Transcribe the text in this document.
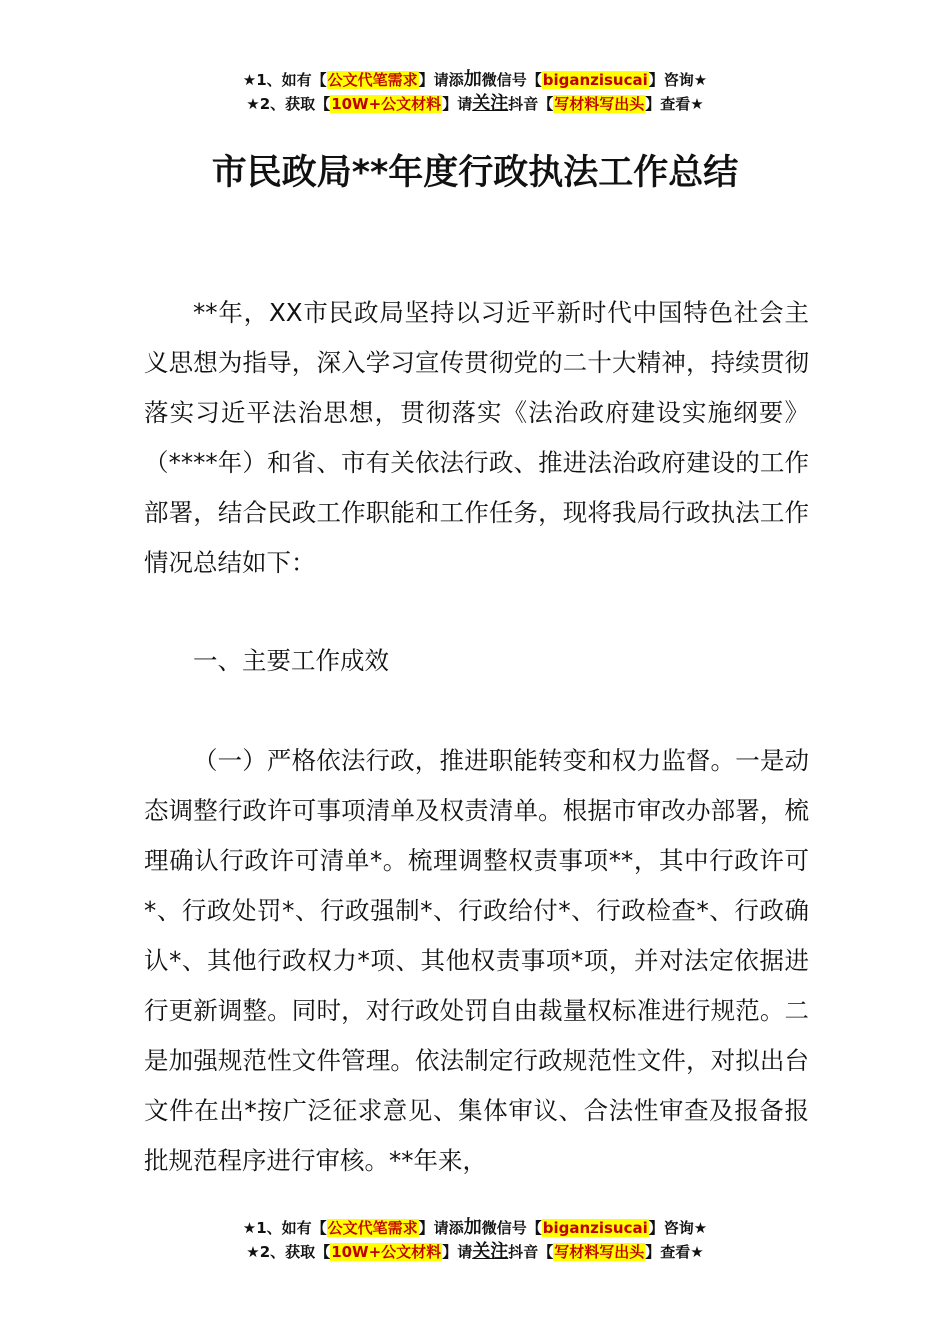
★1、如有【公文代笔需求】请添加微信号【biganzisucai】咨询★
★2、获取【10W+公文材料】请关注抖音【写材料写出头】查看★
市民政局**年度行政执法工作总结
**年，XX市民政局坚持以习近平新时代中国特色社会主义思想为指导，深入学习宣传贯彻党的二十大精神，持续贯彻落实习近平法治思想，贯彻落实《法治政府建设实施纲要》（****年）和省、市有关依法行政、推进法治政府建设的工作部署，结合民政工作职能和工作任务，现将我局行政执法工作情况总结如下：
一、主要工作成效
（一）严格依法行政，推进职能转变和权力监督。一是动态调整行政许可事项清单及权责清单。根据市审改办部署，梳理确认行政许可清单*。梳理调整权责事项**，其中行政许可*、行政处罚*、行政强制*、行政给付*、行政检查*、行政确认*、其他行政权力*项、其他权责事项*项，并对法定依据进行更新调整。同时，对行政处罚自由裁量权标准进行规范。二是加强规范性文件管理。依法制定行政规范性文件，对拟出台文件在出*按广泛征求意见、集体审议、合法性审查及报备报批规范程序进行审核。**年来，
★1、如有【公文代笔需求】请添加微信号【biganzisucai】咨询★
★2、获取【10W+公文材料】请关注抖音【写材料写出头】查看★
